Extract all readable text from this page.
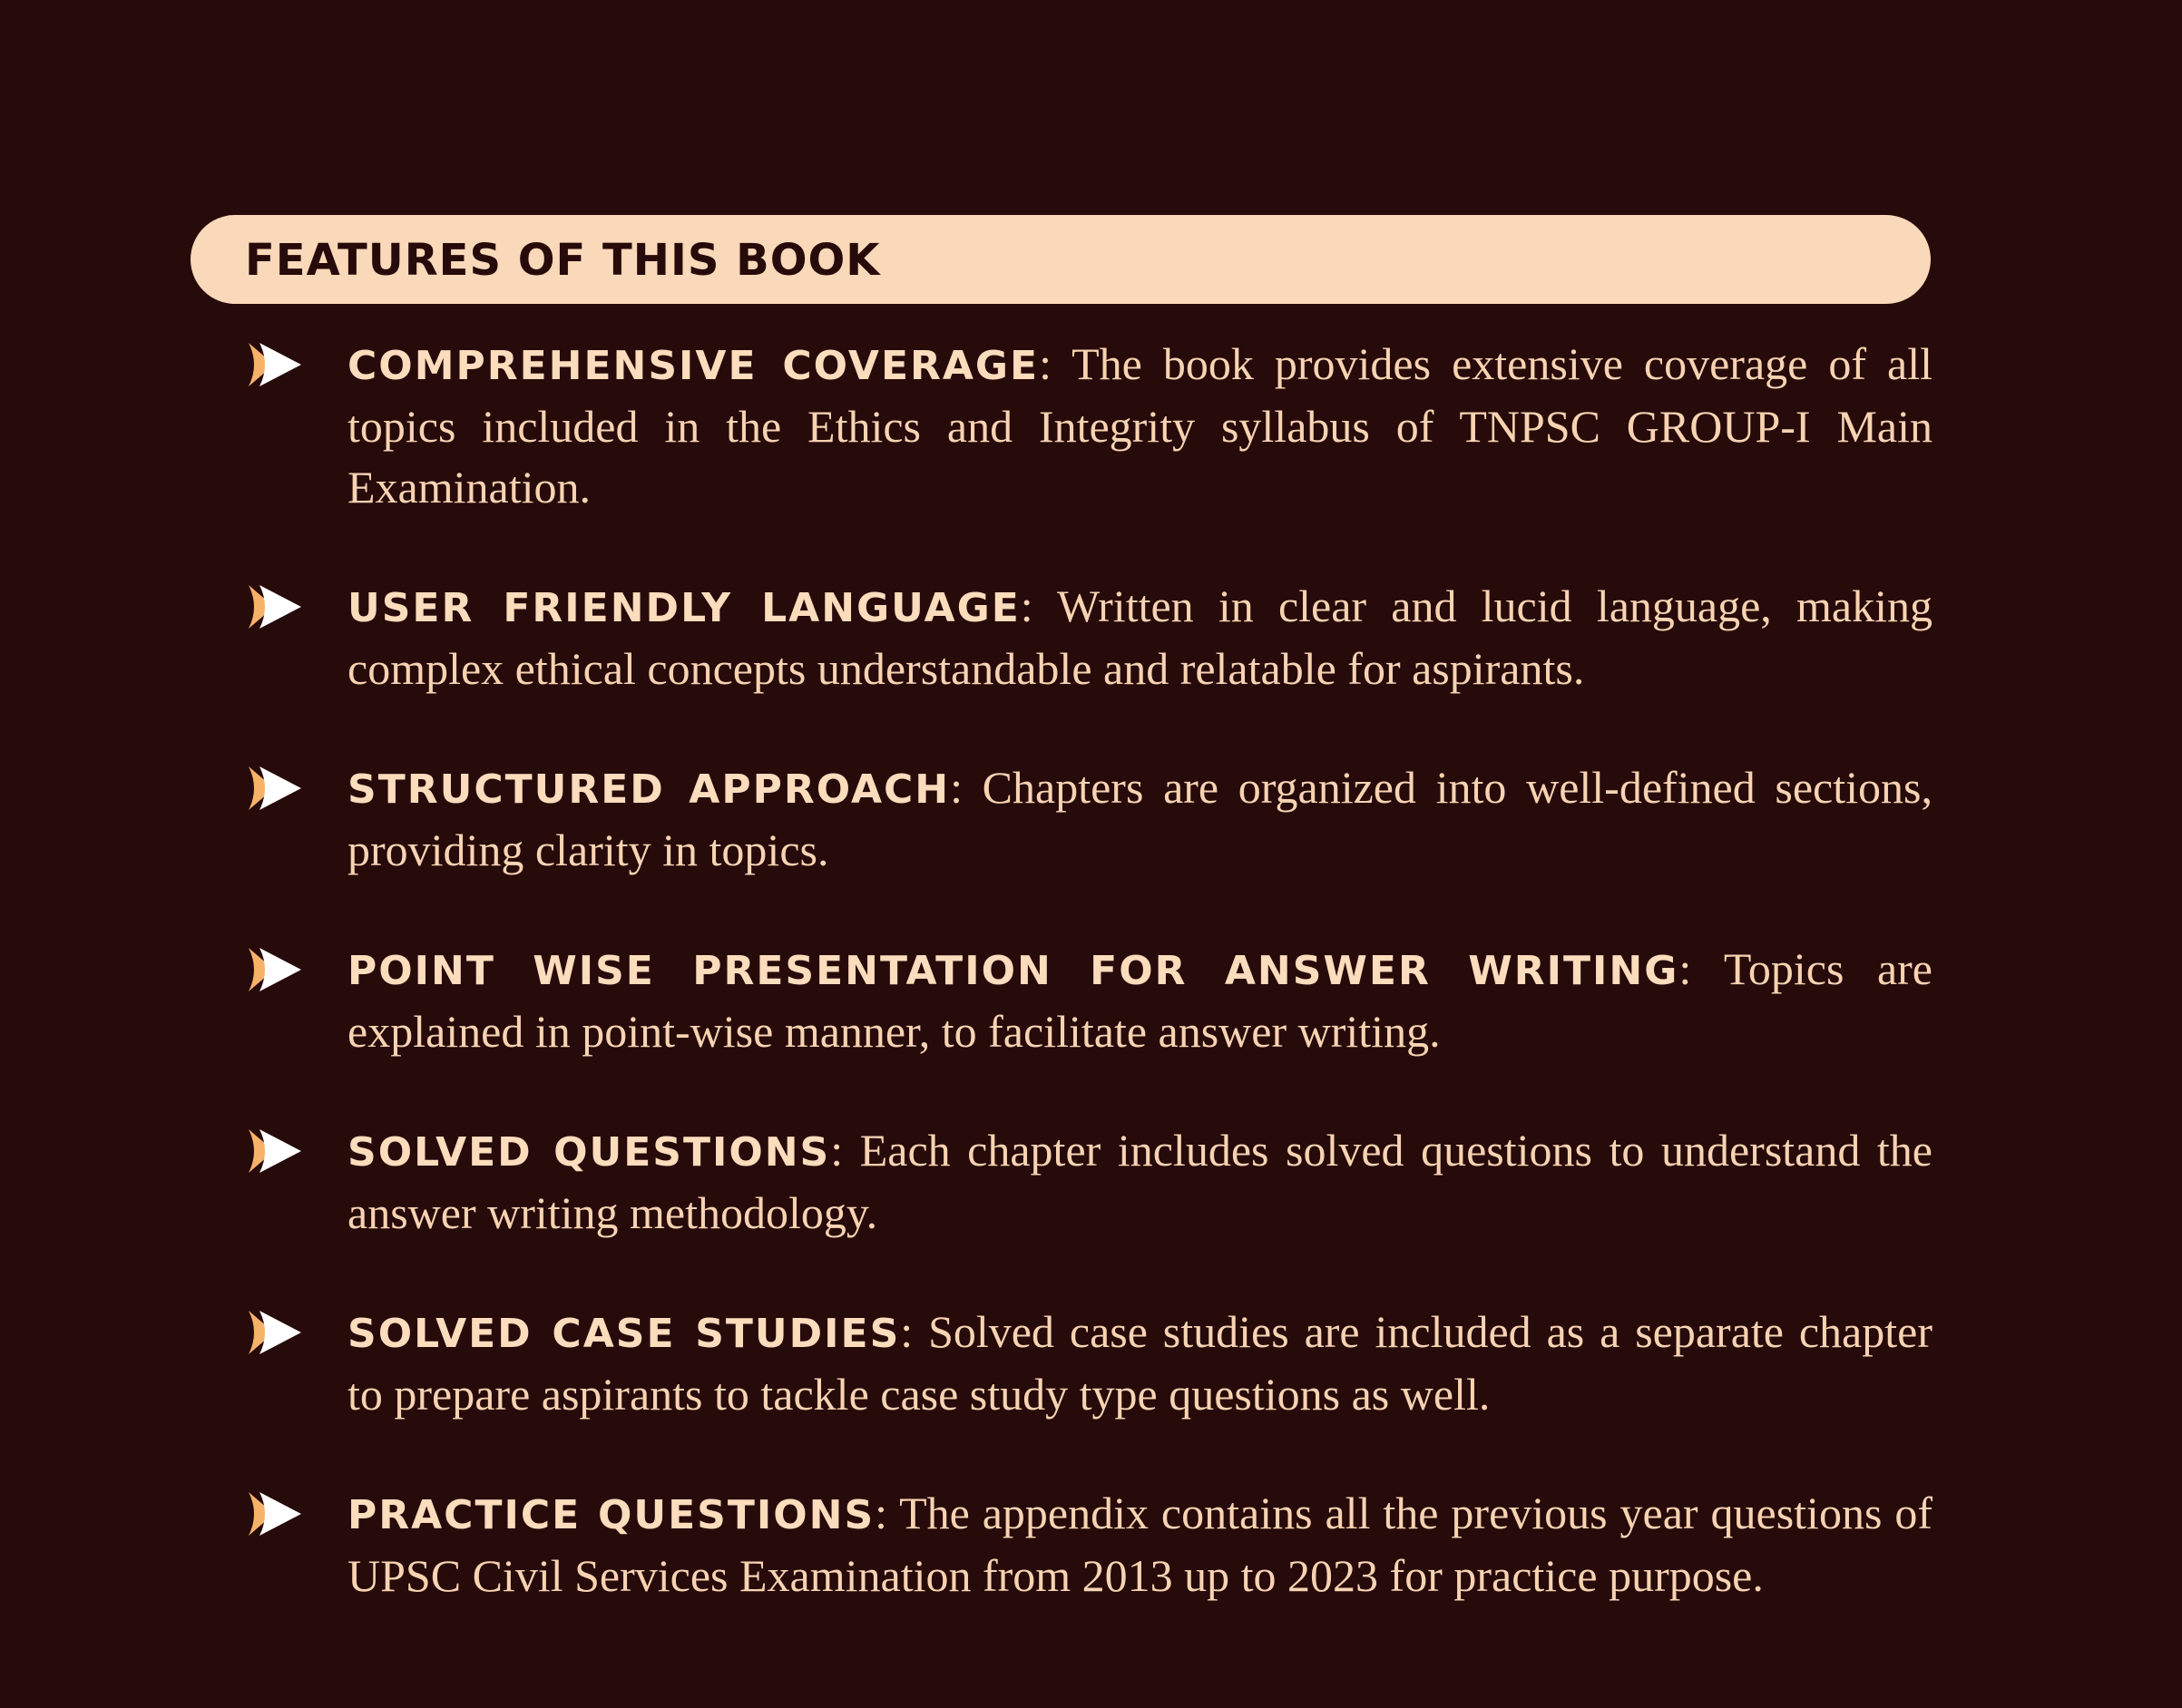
FEATURES OF THIS BOOK
COMPREHENSIVE COVERAGE: The book provides extensive coverage of all topics included in the Ethics and Integrity syllabus of TNPSC GROUP-I Main Examination.
USER FRIENDLY LANGUAGE: Written in clear and lucid language, making complex ethical concepts understandable and relatable for aspirants.
STRUCTURED APPROACH: Chapters are organized into well-defined sections, providing clarity in topics.
POINT WISE PRESENTATION FOR ANSWER WRITING: Topics are explained in point-wise manner, to facilitate answer writing.
SOLVED QUESTIONS: Each chapter includes solved questions to understand the answer writing methodology.
SOLVED CASE STUDIES: Solved case studies are included as a separate chapter to prepare aspirants to tackle case study type questions as well.
PRACTICE QUESTIONS: The appendix contains all the previous year questions of UPSC Civil Services Examination from 2013 up to 2023 for practice purpose.
